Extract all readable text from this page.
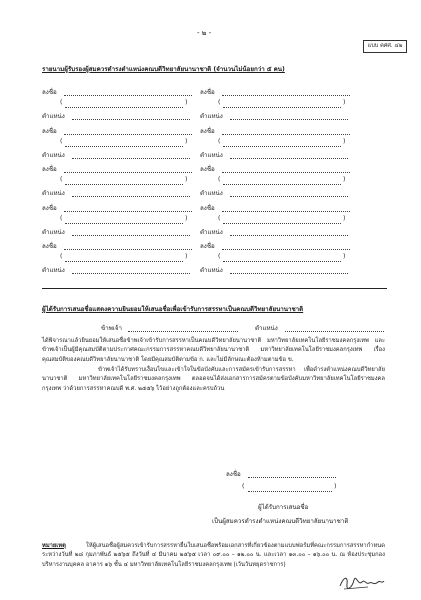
- ๒ -
แบบ คศศ. ๔๒
รายนามผู้รับรองผู้สมควรดำรงตำแหน่งคณบดีวิทยาลัยนานาชาติ (จำนวนไม่น้อยกว่า ๕ คน)
ลงชื่อ
(	)
ตำแหน่ง
ลงชื่อ
(	)
ตำแหน่ง
ลงชื่อ
(	)
ตำแหน่ง
ลงชื่อ
(	)
ตำแหน่ง
ลงชื่อ
(	)
ตำแหน่ง
ลงชื่อ
(	)
ตำแหน่ง
ลงชื่อ
(	)
ตำแหน่ง
ลงชื่อ
(	)
ตำแหน่ง
ลงชื่อ
(	)
ตำแหน่ง
ลงชื่อ
(	)
ตำแหน่ง
ผู้ได้รับการเสนอชื่อแสดงความยินยอมให้เสนอชื่อเพื่อเข้ารับการสรรหาเป็นคณบดีวิทยาลัยนานาชาติ
ข้าพเจ้า	ตำแหน่ง
ได้พิจารณาแล้วยินยอมให้เสนอชื่อข้าพเจ้าเข้ารับการสรรหาเป็นคณบดีวิทยาลัยนานาชาติ มหาวิทยาลัยเทคโนโลยีราชมงคลกรุงเทพ และข้าพเจ้าเป็นผู้มีคุณสมบัติตามประกาศคณะกรรมการสรรหาคณบดีวิทยาลัยนานาชาติ มหาวิทยาลัยเทคโนโลยีราชมงคลกรุงเทพ เรื่อง คุณสมบัติของคณบดีวิทยาลัยนานาชาติ โดยมีคุณสมบัติตามข้อ ก. และไม่มีลักษณะต้องห้ามตามข้อ ข.
ข้าพเจ้าได้รับทราบเงื่อนไขและเข้าใจในข้อบังคับและการสมัครเข้ารับการสรรหา เพื่อดำรงตำแหน่งคณบดีวิทยาลัยนานาชาติ มหาวิทยาลัยเทคโนโลยีราชมงคลกรุงเทพ ตลอดจนได้ส่งเอกสารการสมัครตามข้อบังคับมหาวิทยาลัยเทคโนโลยีราชมงคลกรุงเทพ ว่าด้วยการสรรหาคณบดี พ.ศ. ๒๕๕๖ ไว้อย่างถูกต้องและครบถ้วน
ลงชื่อ
(	)
ผู้ได้รับการเสนอชื่อ
เป็นผู้สมควรดำรงตำแหน่งคณบดีวิทยาลัยนานาชาติ
หมายเหตุ	ให้ผู้เสนอชื่อผู้สมควรเข้ารับการสรรหายื่นใบเสนอชื่อพร้อมเอกสารที่เกี่ยวข้องตามแบบฟอร์มที่คณะกรรมการสรรหากำหนด ระหว่างวันที่ ๒๘ กุมภาพันธ์ ๒๕๖๕ ถึงวันที่ ๔ มีนาคม ๒๕๖๕ เวลา ๐๙.๐๐ – ๑๒.๐๐ น. และเวลา ๑๓.๐๐ – ๑๖.๐๐ น. ณ ห้องประชุมกองบริหารงานบุคคล อาคาร ๑๖ ชั้น ๔ มหาวิทยาลัยเทคโนโลยีราชมงคลกรุงเทพ (เว้นวันหยุดราชการ)
